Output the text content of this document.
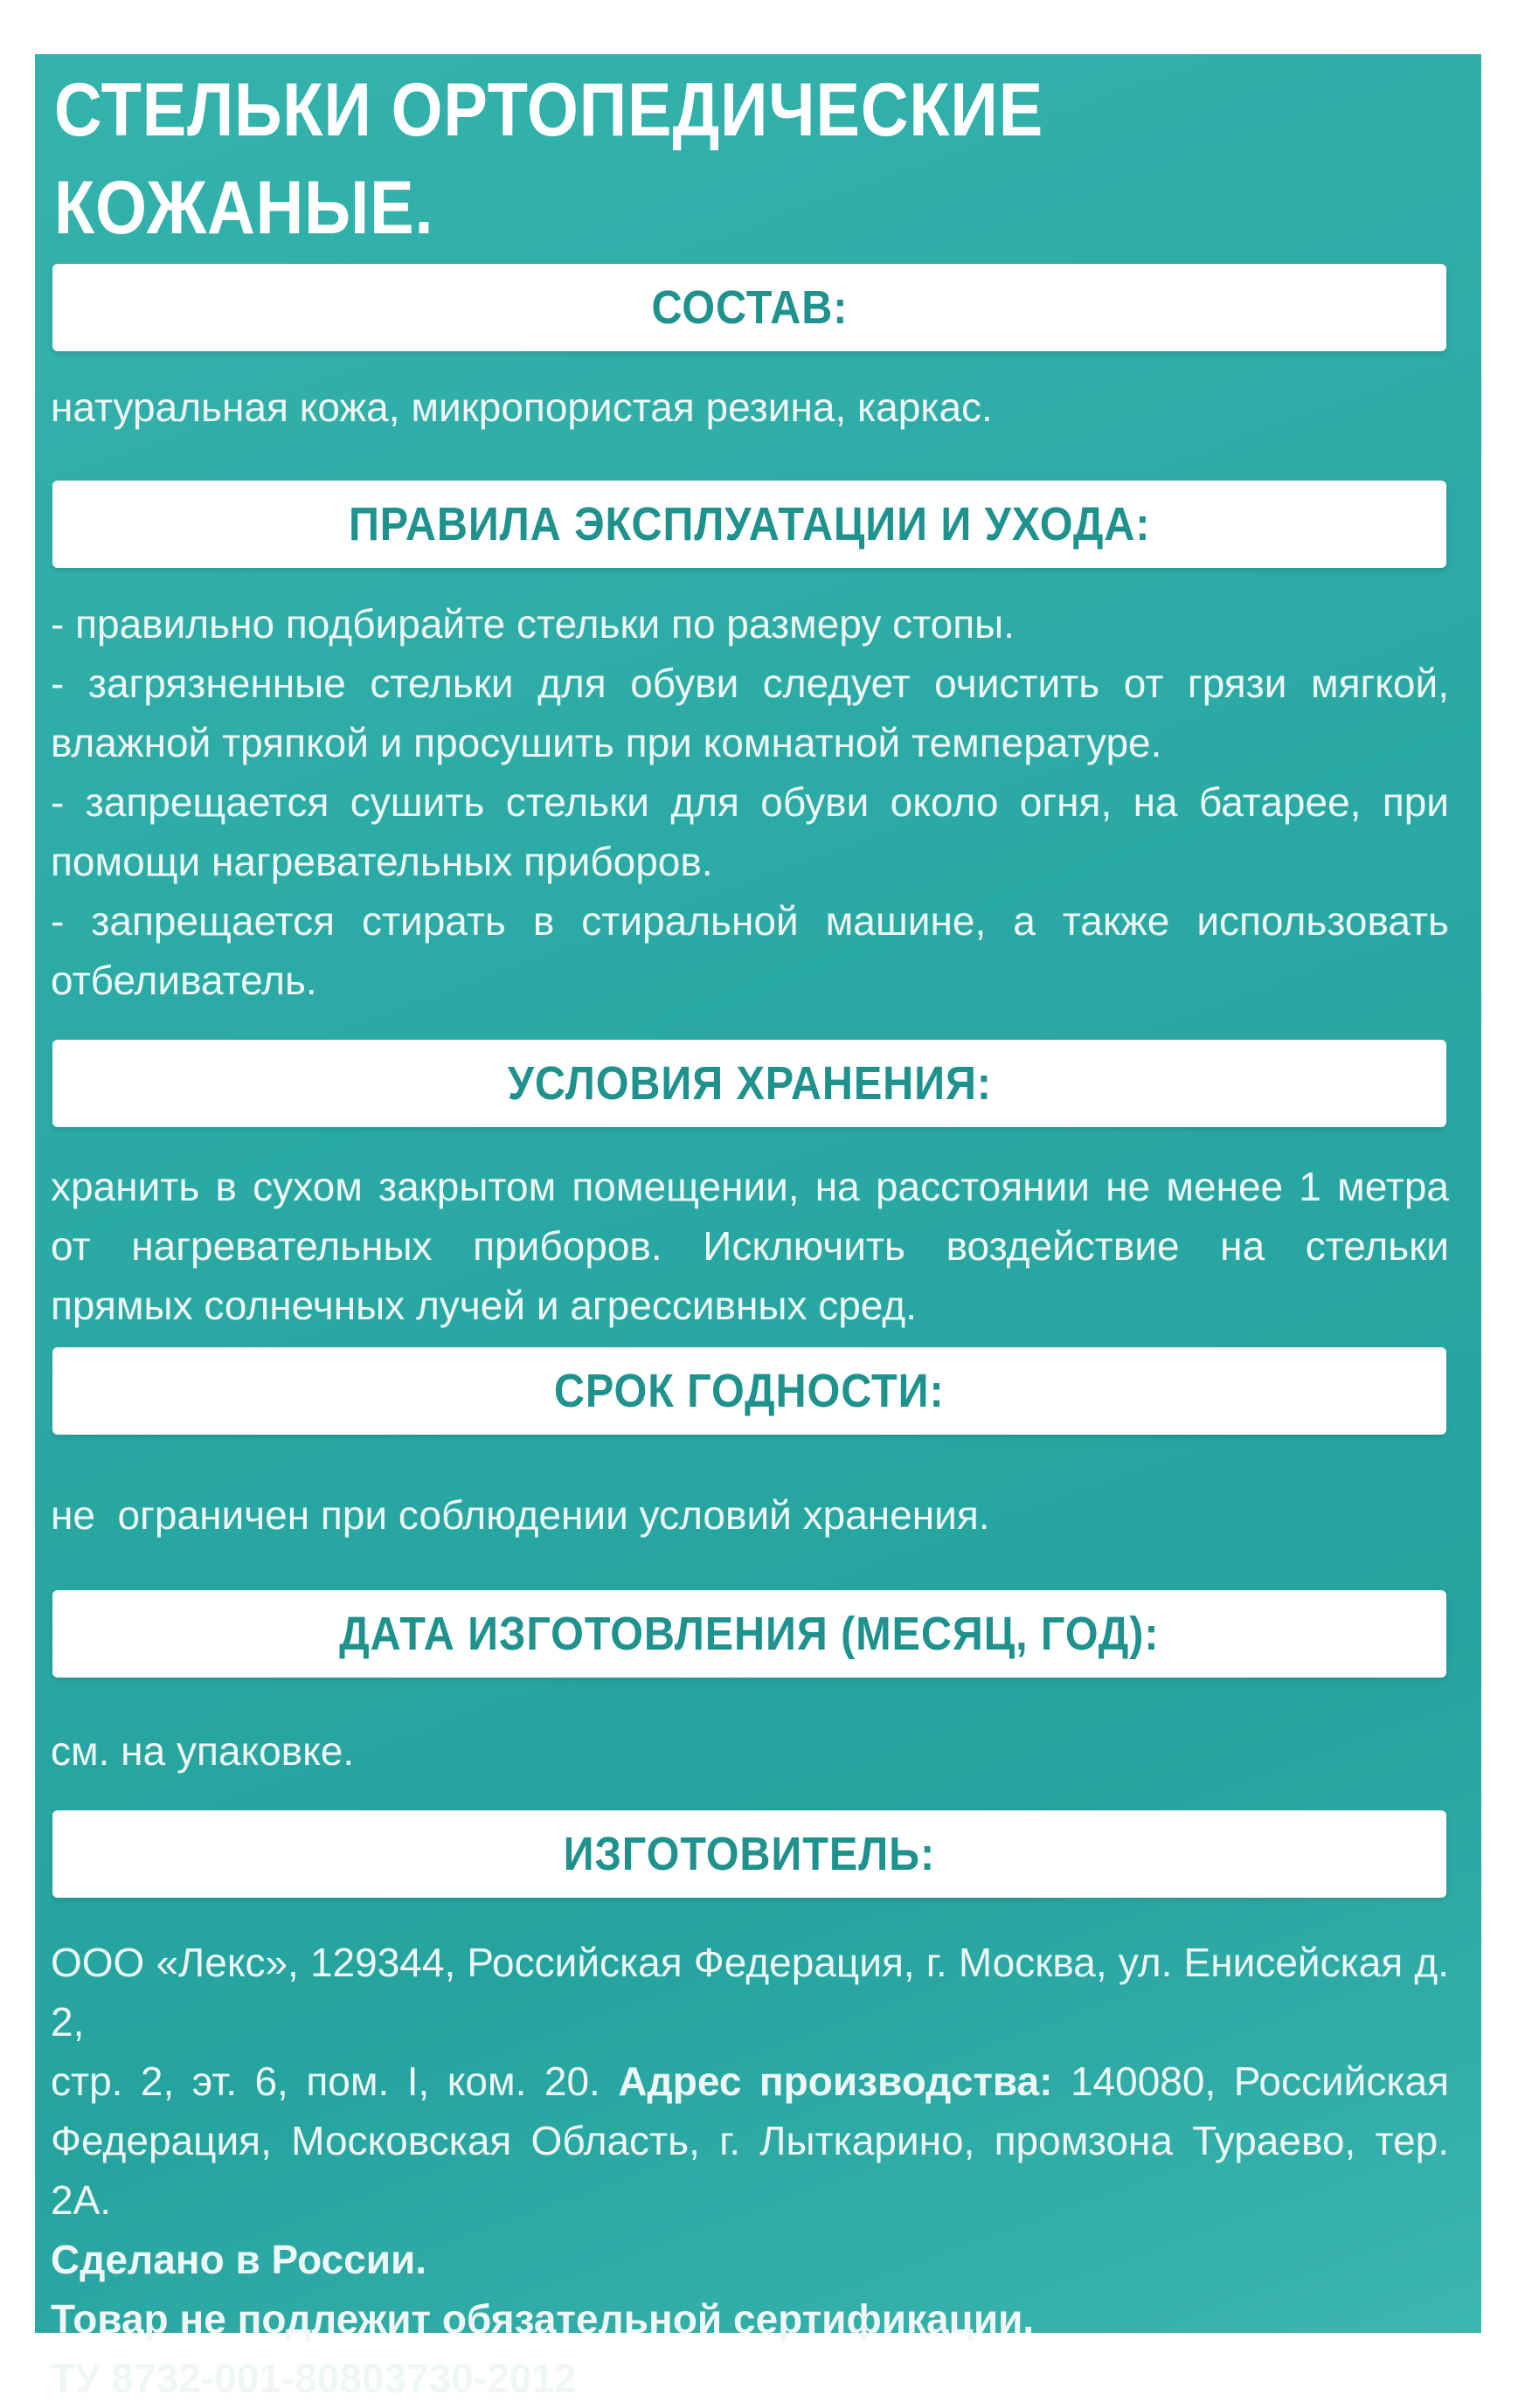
СТЕЛЬКИ ОРТОПЕДИЧЕСКИЕ
КОЖАНЫЕ.
СОСТАВ:
натуральная кожа, микропористая резина, каркас.
ПРАВИЛА ЭКСПЛУАТАЦИИ И УХОДА:
- правильно подбирайте стельки по размеру стопы.
- загрязненные стельки для обуви следует очистить от грязи мягкой,
влажной тряпкой и просушить при комнатной температуре.
- запрещается сушить стельки для обуви около огня, на батарее, при
помощи нагревательных приборов.
- запрещается стирать в стиральной машине, а также использовать
отбеливатель.
УСЛОВИЯ ХРАНЕНИЯ:
хранить в сухом закрытом помещении, на расстоянии не менее 1 метра
от нагревательных приборов. Исключить воздействие на стельки
прямых солнечных лучей и агрессивных сред.
СРОК ГОДНОСТИ:
не  ограничен при соблюдении условий хранения.
ДАТА ИЗГОТОВЛЕНИЯ (МЕСЯЦ, ГОД):
см. на упаковке.
ИЗГОТОВИТЕЛЬ:
ООО «Лекс», 129344, Российская Федерация, г. Москва, ул. Енисейская д. 2,
стр. 2, эт. 6, пом. I, ком. 20. Адрес производства: 140080, Российская
Федерация, Московская Область, г. Лыткарино, промзона Тураево, тер. 2А.
Сделано в России.
Товар не подлежит обязательной сертификации.
ТУ 8732-001-80803730-2012
